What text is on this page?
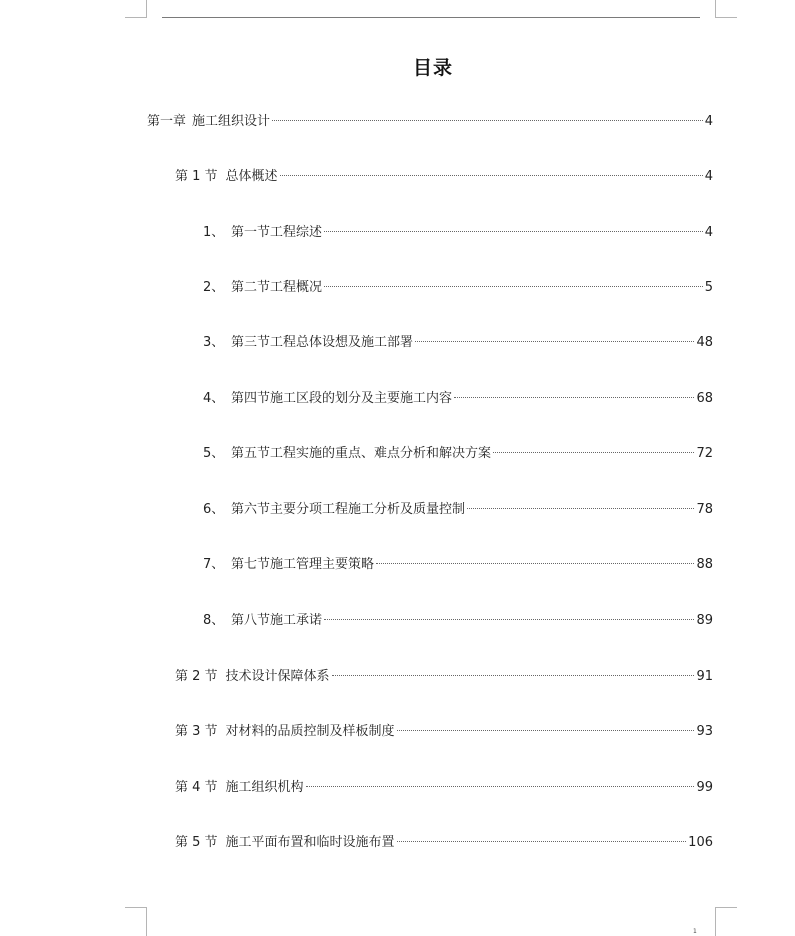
目录
第一章 施工组织设计	4
第 1 节 总体概述	4
1、 第一节工程综述	4
2、 第二节工程概况	5
3、 第三节工程总体设想及施工部署	48
4、 第四节施工区段的划分及主要施工内容	68
5、 第五节工程实施的重点、难点分析和解决方案	72
6、 第六节主要分项工程施工分析及质量控制	78
7、 第七节施工管理主要策略	88
8、 第八节施工承诺	89
第 2 节 技术设计保障体系	91
第 3 节 对材料的品质控制及样板制度	93
第 4 节 施工组织机构	99
第 5 节 施工平面布置和临时设施布置	106
1
